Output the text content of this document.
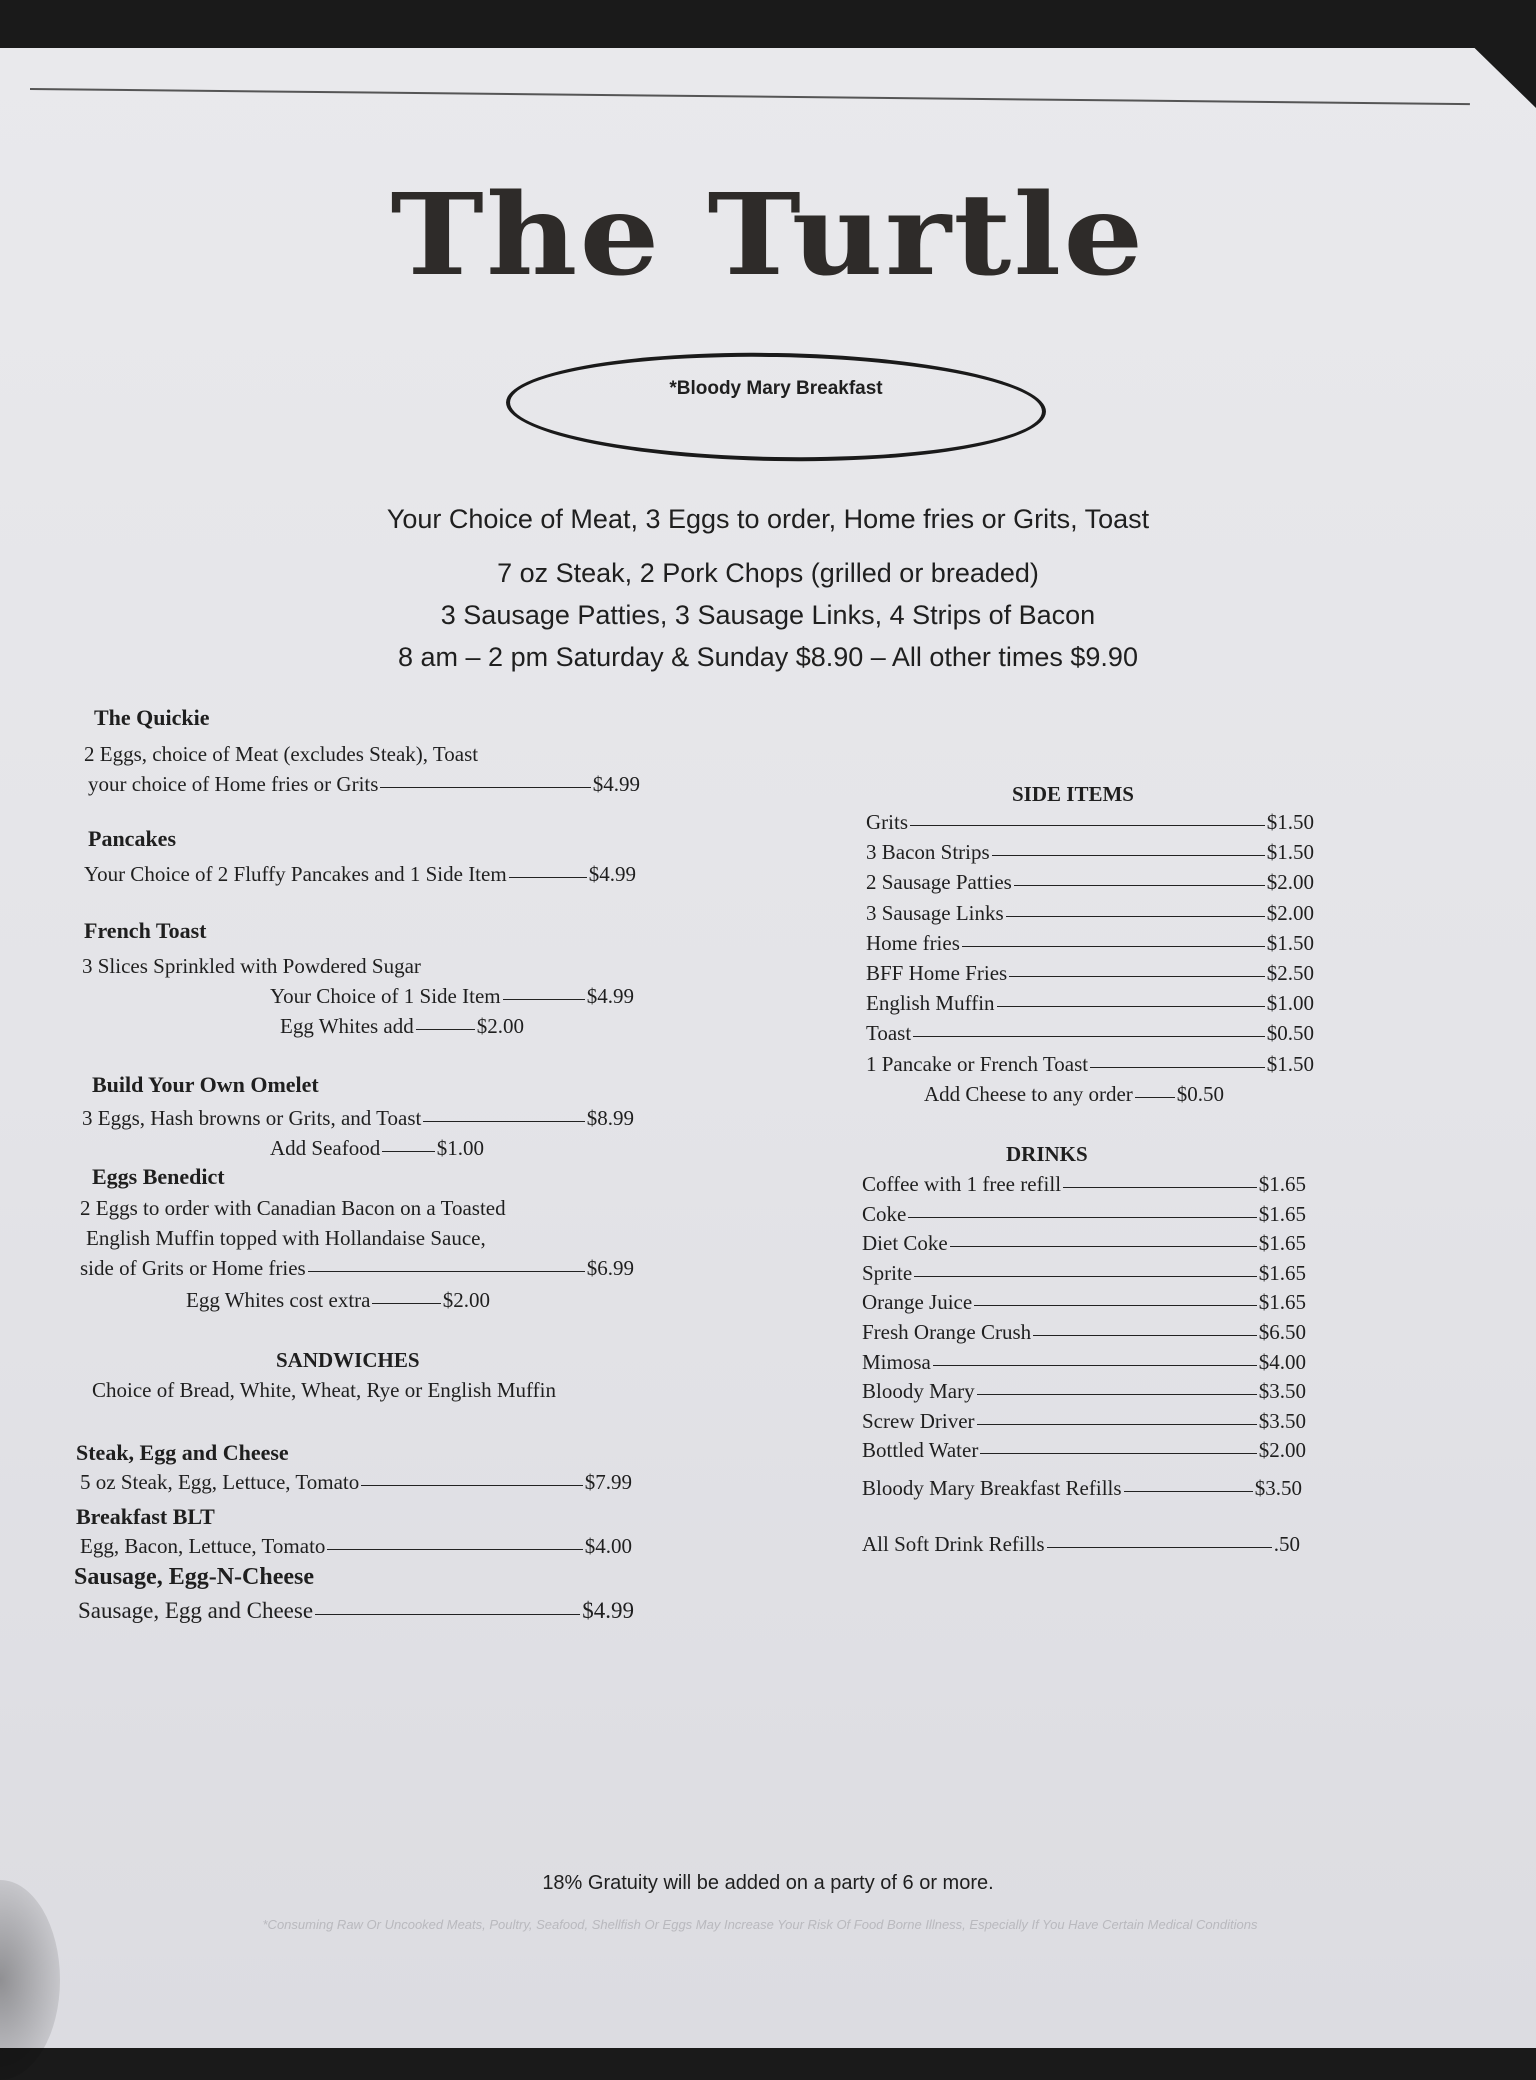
The Turtle
*Bloody Mary Breakfast
Your Choice of Meat, 3 Eggs to order, Home fries or Grits, Toast
7 oz Steak, 2 Pork Chops (grilled or breaded)
3 Sausage Patties, 3 Sausage Links, 4 Strips of Bacon
8 am – 2 pm Saturday & Sunday $8.90 – All other times $9.90
The Quickie
2 Eggs, choice of Meat (excludes Steak), Toast
your choice of Home fries or Grits	$4.99
Pancakes
Your Choice of 2 Fluffy Pancakes and 1 Side Item	$4.99
French Toast
3 Slices Sprinkled with Powdered Sugar
Your Choice of 1 Side Item	$4.99
Egg Whites add	$2.00
Build Your Own Omelet
3 Eggs, Hash browns or Grits, and Toast	$8.99
Add Seafood	$1.00
Eggs Benedict
2 Eggs to order with Canadian Bacon on a Toasted
English Muffin topped with Hollandaise Sauce,
side of Grits or Home fries	$6.99
Egg Whites cost extra	$2.00
SANDWICHES
Choice of Bread, White, Wheat, Rye or English Muffin
Steak, Egg and Cheese
5 oz Steak, Egg, Lettuce, Tomato	$7.99
Breakfast BLT
Egg, Bacon, Lettuce, Tomato	$4.00
Sausage, Egg-N-Cheese
Sausage, Egg and Cheese	$4.99
SIDE ITEMS
Grits	$1.50
3 Bacon Strips	$1.50
2 Sausage Patties	$2.00
3 Sausage Links	$2.00
Home fries	$1.50
BFF Home Fries	$2.50
English Muffin	$1.00
Toast	$0.50
1 Pancake or French Toast	$1.50
Add Cheese to any order $0.50
DRINKS
Coffee with 1 free refill	$1.65
Coke	$1.65
Diet Coke	$1.65
Sprite	$1.65
Orange Juice	$1.65
Fresh Orange Crush	$6.50
Mimosa	$4.00
Bloody Mary	$3.50
Screw Driver	$3.50
Bottled Water	$2.00
Bloody Mary Breakfast Refills	$3.50
All Soft Drink Refills	.50
18% Gratuity will be added on a party of 6 or more.
*Consuming Raw Or Uncooked Meats, Poultry, Seafood, Shellfish Or Eggs May Increase Your Risk Of Food Borne Illness, Especially If You Have Certain Medical Conditions
